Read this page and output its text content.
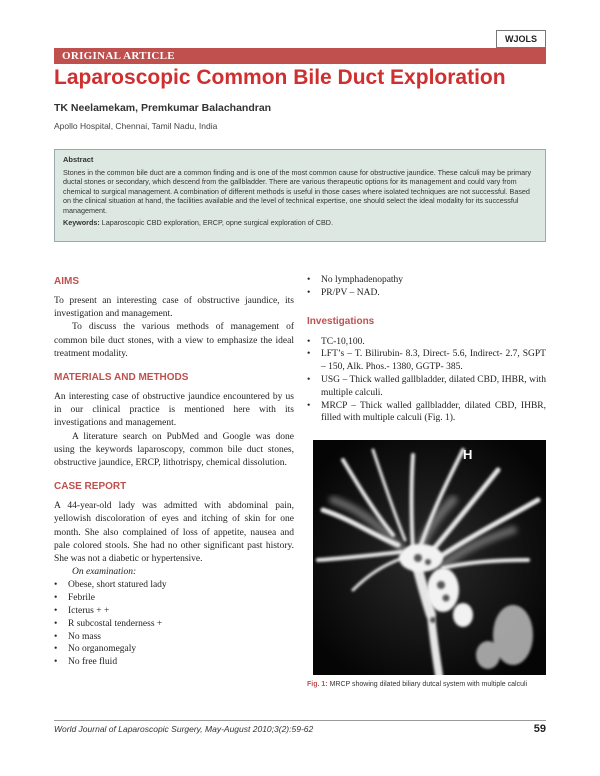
WJOLS
ORIGINAL ARTICLE
Laparoscopic Common Bile Duct Exploration
TK Neelamekam, Premkumar Balachandran
Apollo Hospital, Chennai, Tamil Nadu, India
Abstract

Stones in the common bile duct are a common finding and is one of the most common cause for obstructive jaundice. These calculi may be primary ductal stones or secondary, which descend from the gallbladder. There are various therapeutic options for its management and could vary from chemical to surgical management. A combination of different methods is useful in those cases where isolated techniques are not successful. Based on the clinical situation at hand, the facilities available and the level of technical expertise, one should select the ideal modality for its successful management.

Keywords: Laparoscopic CBD exploration, ERCP, opne surgical exploration of CBD.

AIMS

To present an interesting case of obstructive jaundice, its investigation and management.

To discuss the various methods of management of common bile duct stones, with a view to emphasize the ideal treatment modality.

MATERIALS AND METHODS

An interesting case of obstructive jaundice encountered by us in our clinical practice is mentioned here with its investigations and management.

A literature search on PubMed and Google was done using the keywords laparoscopy, common bile duct stones, obstructive jaundice, ERCP, lithotrispy, chemical dissolution.

CASE REPORT

A 44-year-old lady was admitted with abdominal pain, yellowish discoloration of eyes and itching of skin for one month. She also complained of loss of appetite, nausea and pale colored stools. She had no other significant past history. She was not a diabetic or hypertensive.

On examination:

• Obese, short statured lady
• Febrile
• Icterus + +
• R subcostal tenderness +
• No mass
• No organomegaly
• No free fluid
• No lymphadenopathy
• PR/PV – NAD.
Investigations
• TC-10,100.
• LFT’s – T. Bilirubin- 8.3, Direct- 5.6, Indirect- 2.7, SGPT – 150, Alk. Phos.- 1380, GGTP- 385.
• USG – Thick walled gallbladder, dilated CBD, IHBR, with multiple calculi.
• MRCP – Thick walled gallbladder, dilated CBD, IHBR, filled with multiple calculi (Fig. 1).
H
Fig. 1: MRCP showing dilated biliary dutcal system with multiple calculi
World Journal of Laparoscopic Surgery, May-August 2010;3(2):59-62	59
